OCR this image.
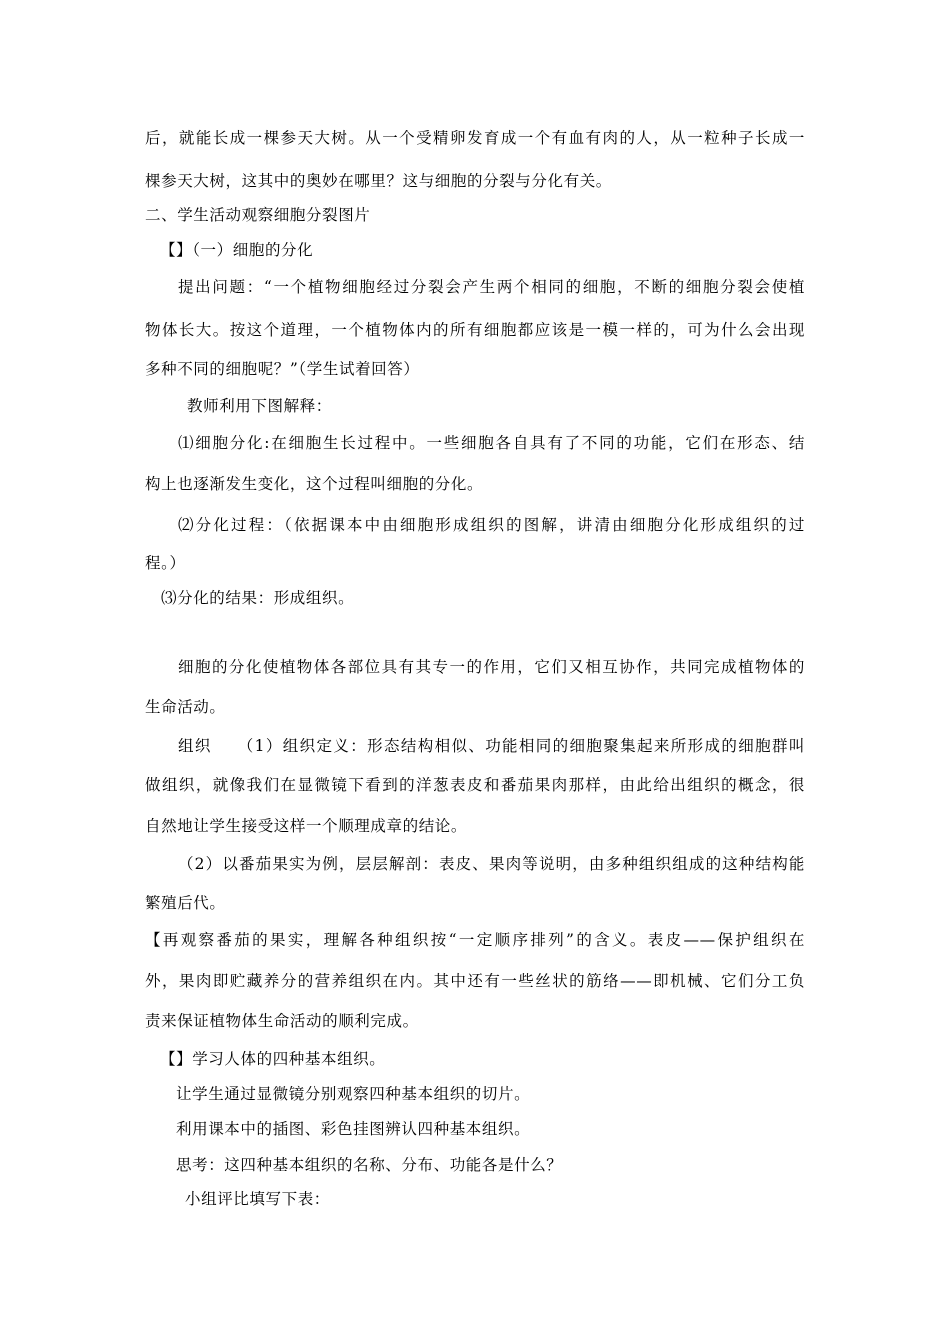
后，就能长成一棵参天大树。从一个受精卵发育成一个有血有肉的人，从一粒种子长成一
棵参天大树，这其中的奥妙在哪里？这与细胞的分裂与分化有关。
二、学生活动观察细胞分裂图片
【】（一）细胞的分化
提出问题：“一个植物细胞经过分裂会产生两个相同的细胞，不断的细胞分裂会使植
物体长大。按这个道理，一个植物体内的所有细胞都应该是一模一样的，可为什么会出现
多种不同的细胞呢？”（学生试着回答）
教师利用下图解释：
⑴细胞分化:在细胞生长过程中。一些细胞各自具有了不同的功能，它们在形态、结
构上也逐渐发生变化，这个过程叫细胞的分化。
⑵分化过程：（依据课本中由细胞形成组织的图解，讲清由细胞分化形成组织的过
程。）
⑶分化的结果：形成组织。
细胞的分化使植物体各部位具有其专一的作用，它们又相互协作，共同完成植物体的
生命活动。
组织　　（1）组织定义：形态结构相似、功能相同的细胞聚集起来所形成的细胞群叫
做组织，就像我们在显微镜下看到的洋葱表皮和番茄果肉那样，由此给出组织的概念，很
自然地让学生接受这样一个顺理成章的结论。
（2）以番茄果实为例，层层解剖：表皮、果肉等说明，由多种组织组成的这种结构能
繁殖后代。
【再观察番茄的果实，理解各种组织按“一定顺序排列”的含义。表皮——保护组织在
外，果肉即贮藏养分的营养组织在内。其中还有一些丝状的筋络——即机械、它们分工负
责来保证植物体生命活动的顺利完成。
【】学习人体的四种基本组织。
让学生通过显微镜分别观察四种基本组织的切片。
利用课本中的插图、彩色挂图辨认四种基本组织。
思考：这四种基本组织的名称、分布、功能各是什么？
小组评比填写下表：
